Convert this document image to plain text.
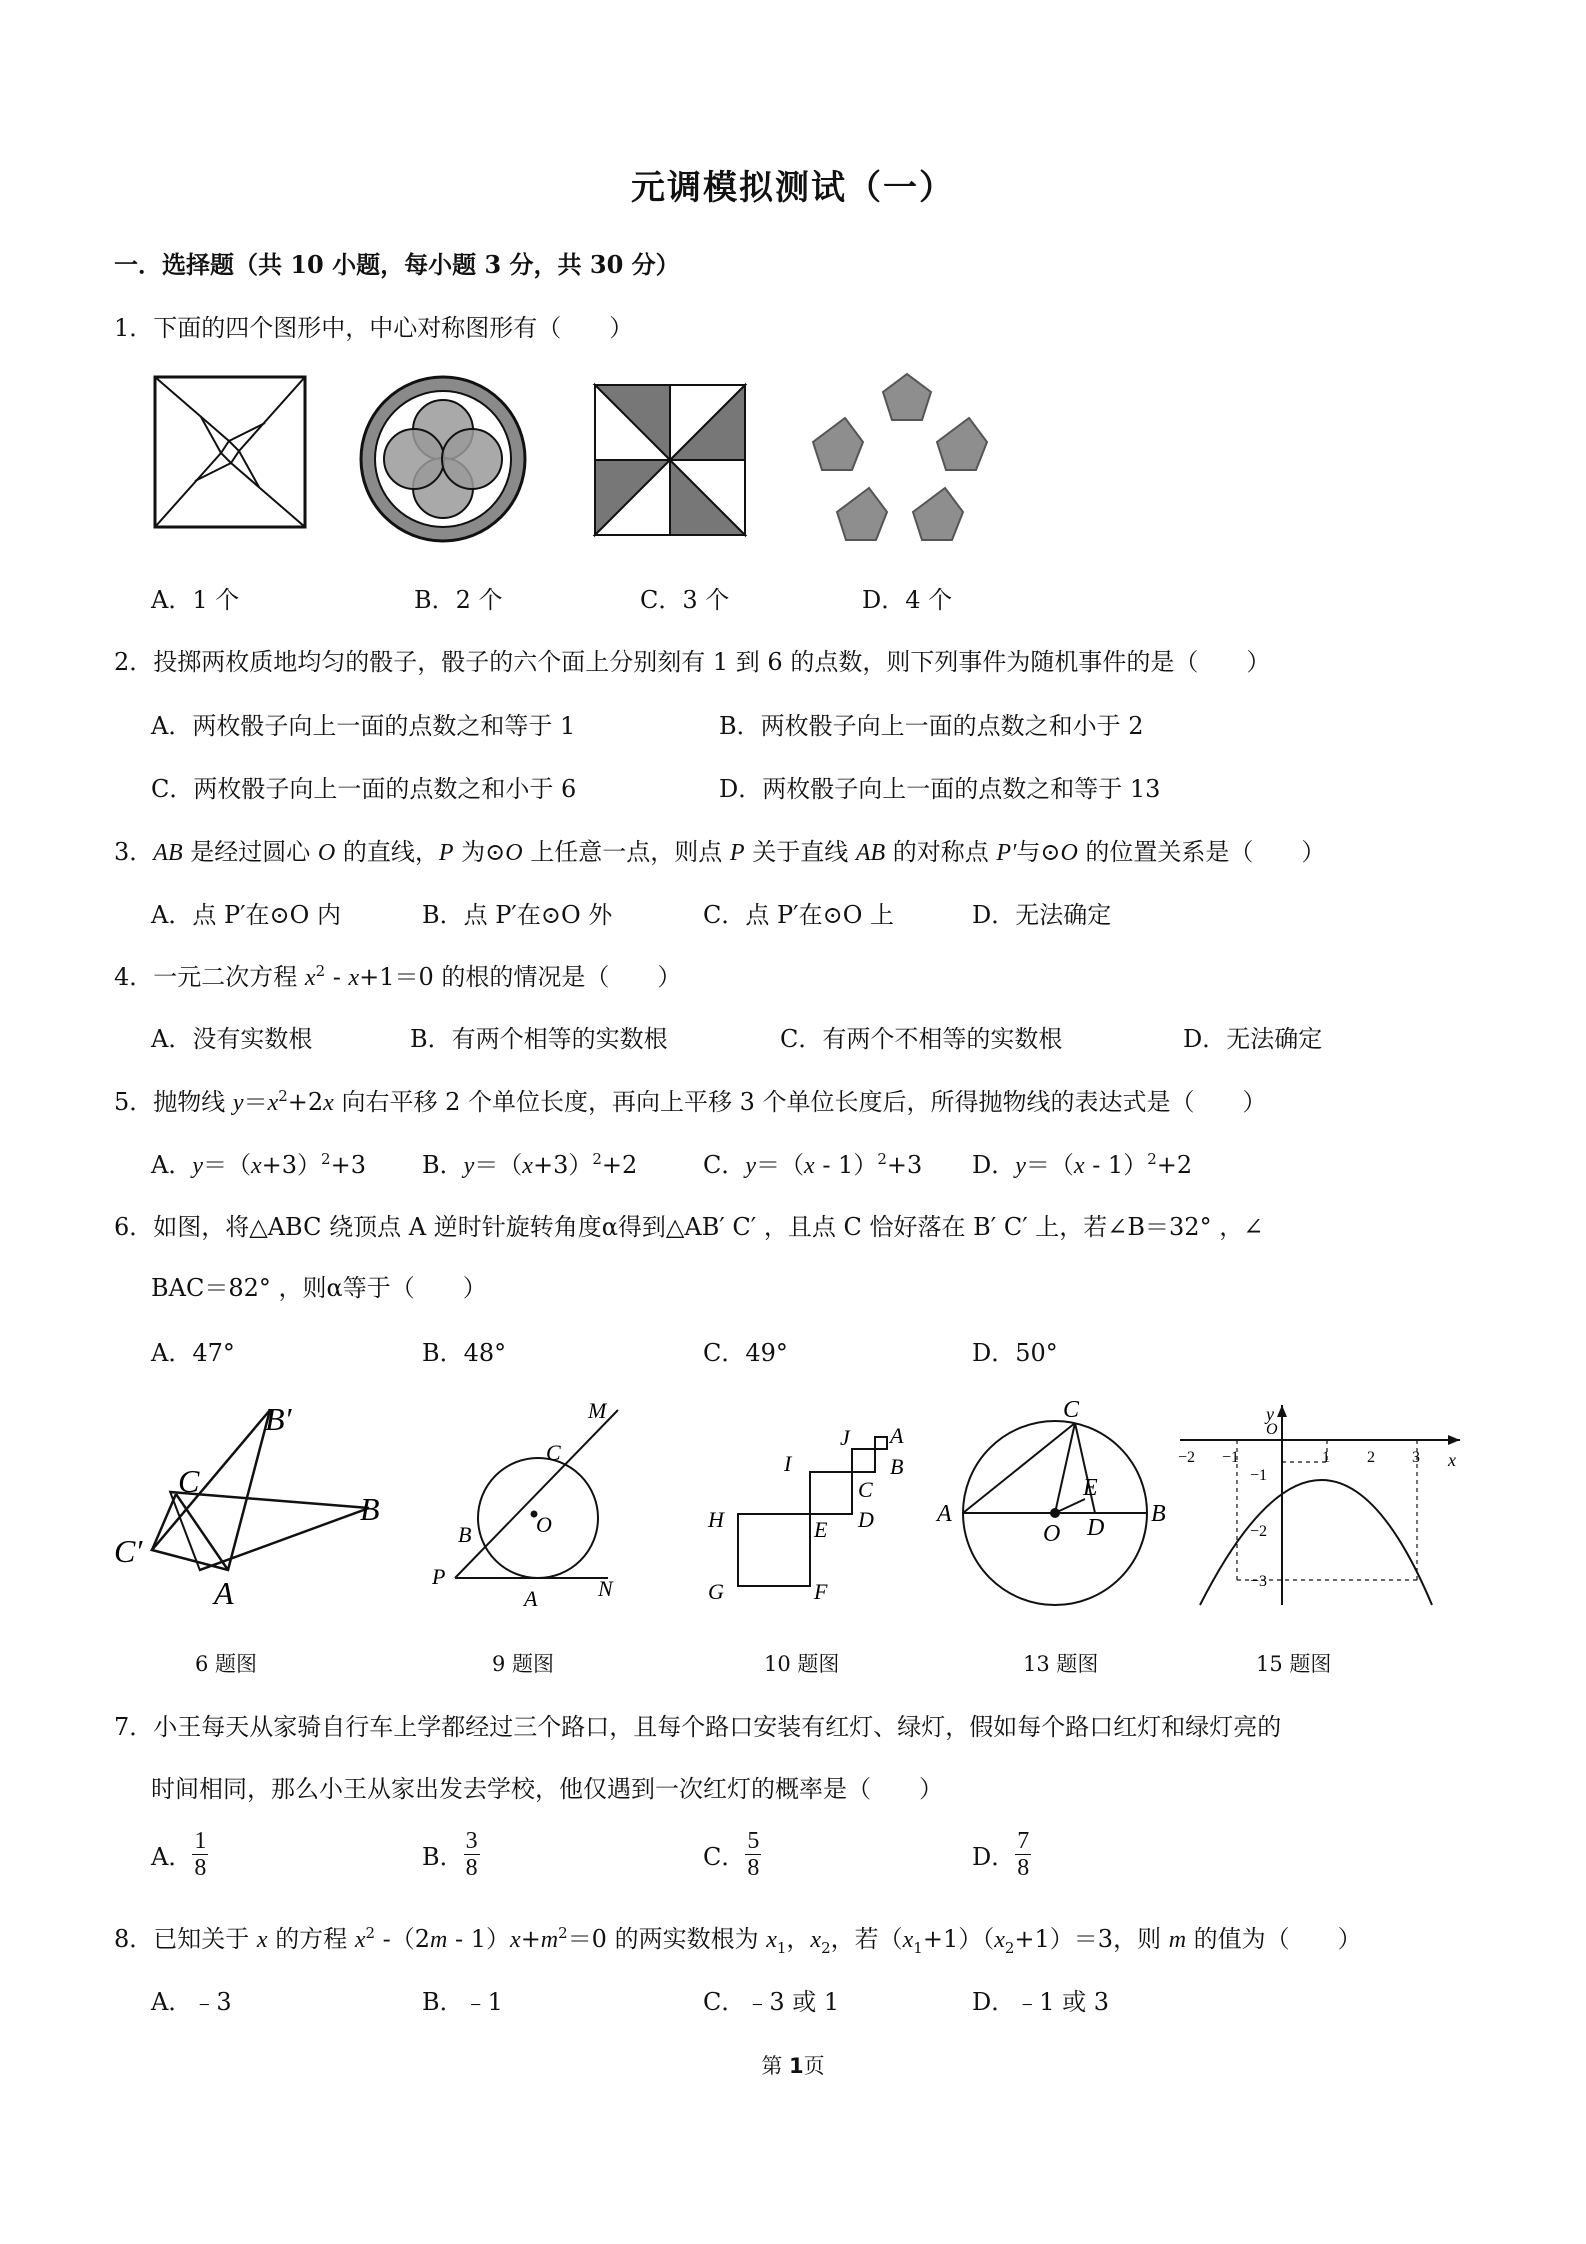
元调模拟测试（一）
一．选择题（共 10 小题，每小题 3 分，共 30 分）
1．下面的四个图形中，中心对称图形有（　　）
A．1 个	B．2 个	C．3 个	D．4 个
2．投掷两枚质地均匀的骰子，骰子的六个面上分别刻有 1 到 6 的点数，则下列事件为随机事件的是（　　）
A．两枚骰子向上一面的点数之和等于 1	B．两枚骰子向上一面的点数之和小于 2
C．两枚骰子向上一面的点数之和小于 6	D．两枚骰子向上一面的点数之和等于 13
3．AB 是经过圆心 O 的直线，P 为⊙O 上任意一点，则点 P 关于直线 AB 的对称点 P′与⊙O 的位置关系是（　　）
A．点 P′在⊙O 内	B．点 P′在⊙O 外	C．点 P′在⊙O 上	D．无法确定
4．一元二次方程 $x^2 - x+1=0$ 的根的情况是（　　）
A．没有实数根	B．有两个相等的实数根	C．有两个不相等的实数根	D．无法确定
5．抛物线 $y=x^2+2x$ 向右平移 2 个单位长度，再向上平移 3 个单位长度后，所得抛物线的表达式是（　　）
A．$y=(x+3)^2+3$ B．$y=(x+3)^2+2$	C．y＝（x - 1）$^2$+3 D．y＝（x - 1）$^2$+2
6．如图，将△ABC 绕顶点 A 逆时针旋转角度α得到△AB′ C′ ，且点 C 恰好落在 B′ C′ 上，若∠B＝32° ，∠
BAC＝82° ，则α等于（　　）
A．47°	B．48°	C．49°	D．50°
B′
C
B
C′
A
M
C
B	O
P
A	N
J A
B
C
I
D
H	E
G	F
C
A
E
O D
B
y
x
O
−2 −1	1 2 3
−1
−2
−3
6 题图	9 题图	10 题图	13 题图	15 题图
7．小王每天从家骑自行车上学都经过三个路口，且每个路口安装有红灯、绿灯，假如每个路口红灯和绿灯亮的
时间相同，那么小王从家出发去学校，他仅遇到一次红灯的概率是（　　）
A． $\frac{1}{8}$	B． $\frac{3}{8}$	C． $\frac{5}{8}$	D． $\frac{7}{8}$
8．已知关于 x 的方程 $x^2$ $-(2m - 1)x+m^2=0$ 的两实数根为 $x_1$，$x_2$，若$(x_1+1)(x_2+1)=3$，则 m 的值为（　　）
A．﹣3	B．﹣1	C．﹣3 或 1	D．﹣1 或 3
第 1页
